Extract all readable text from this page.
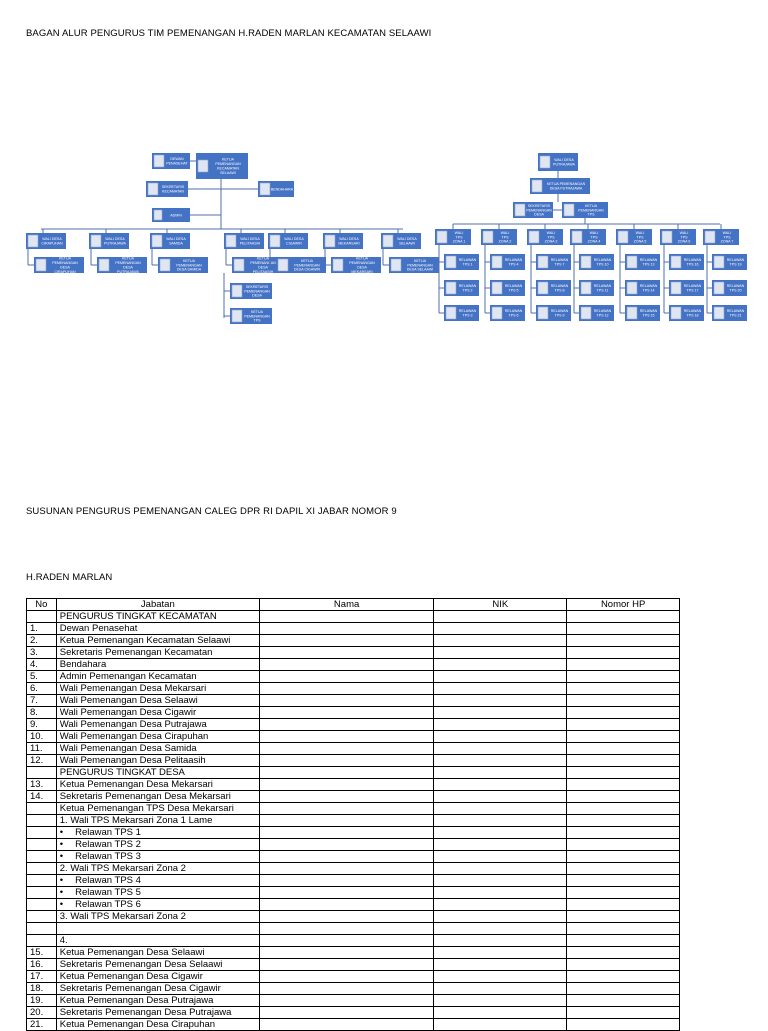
BAGAN ALUR PENGURUS TIM PEMENANGAN H.RADEN MARLAN KECAMATAN SELAAWI
KETUA
PEMENANGAN
KECAMATAN
SELAAWI
DEWAN
PENASEHAT
SEKRETARIS
KECAMATAN
BENDAHARA
ADMIN
WALI DESA
CIRAPUHAN
KETUA
PEMENANGAN
DESA
CIRAPUHAN
WALI DESA
PUTRAJAWA
KETUA
PEMENANGAN
DESA
PUTRAJAWA
WALI DESA
SAMIDA
KETUA
PEMENANGAN
DESA SAMIDA
WALI DESA
PELITAASIH
KETUA
PEMENANGAN
DESA
PELITAASIH
WALI DESA
CIGAWIR
KETUA
PEMENANGAN
DESA CIGAWIR
WALI DESA
MEKARSARI
KETUA
PEMENANGAN
DESA
MEKARSARI
WALI DESA
SELAAWI
KETUA
PEMENANGAN
DESA SELAAWI
SEKRETARIS
PEMENANGAN
DESA
KETUA
PEMENANGAN
TPS
WALI DESA
PUTRAJAWA
KETUA PEMENANGAN
DESA PUTRAJAWA
SEKRETARIS
PEMENANGAN
DESA
KETUA
PEMENANGAN
TPS
WALI
TPS
ZONA 1
RELAWAN
TPS 1
RELAWAN
TPS 2
RELAWAN
TPS 3
WALI
TPS
ZONA 2
RELAWAN
TPS 4
RELAWAN
TPS 5
RELAWAN
TPS 6
WALI
TPS
ZONA 3
RELAWAN
TPS 7
RELAWAN
TPS 8
RELAWAN
TPS 9
WALI
TPS
ZONA 4
RELAWAN
TPS 10
RELAWAN
TPS 11
RELAWAN
TPS 12
WALI
TPS
ZONA 5
RELAWAN
TPS 13
RELAWAN
TPS 14
RELAWAN
TPS 15
WALI
TPS
ZONA 6
RELAWAN
TPS 16
RELAWAN
TPS 17
RELAWAN
TPS 18
WALI
TPS
ZONA 7
RELAWAN
TPS 19
RELAWAN
TPS 20
RELAWAN
TPS 21
SUSUNAN PENGURUS PEMENANGAN CALEG DPR RI DAPIL XI JABAR NOMOR 9
H.RADEN MARLAN
No	Jabatan	Nama	NIK	Nomor HP
	PENGURUS TINGKAT KECAMATAN			
1.	Dewan Penasehat			
2.	Ketua Pemenangan Kecamatan Selaawi			
3.	Sekretaris Pemenangan Kecamatan			
4.	Bendahara			
5.	Admin Pemenangan Kecamatan			
6.	Wali Pemenangan Desa Mekarsari			
7.	Wali Pemenangan Desa Selaawi			
8.	Wali Pemenangan Desa Cigawir			
9.	Wali Pemenangan Desa Putrajawa			
10.	Wali Pemenangan Desa Cirapuhan			
11.	Wali Pemenangan Desa Samida			
12.	Wali Pemenangan Desa Pelitaasih			
	PENGURUS TINGKAT DESA			
13.	Ketua Pemenangan Desa Mekarsari			
14.	Sekretaris Pemenangan Desa Mekarsari			
	Ketua Pemenangan TPS Desa Mekarsari			
	1. Wali TPS Mekarsari Zona 1 Lame			
	• Relawan TPS 1			
	• Relawan TPS 2			
	• Relawan TPS 3			
	2. Wali TPS Mekarsari Zona 2			
	• Relawan TPS 4			
	• Relawan TPS 5			
	• Relawan TPS 6			
	3. Wali TPS Mekarsari Zona 2			

	4.			
15.	Ketua Pemenangan Desa Selaawi			
16.	Sekretaris Pemenangan Desa Selaawi			
17.	Ketua Pemenangan Desa Cigawir			
18.	Sekretaris Pemenangan Desa Cigawir			
19.	Ketua Pemenangan Desa Putrajawa			
20.	Sekretaris Pemenangan Desa Putrajawa			
21.	Ketua Pemenangan Desa Cirapuhan			
